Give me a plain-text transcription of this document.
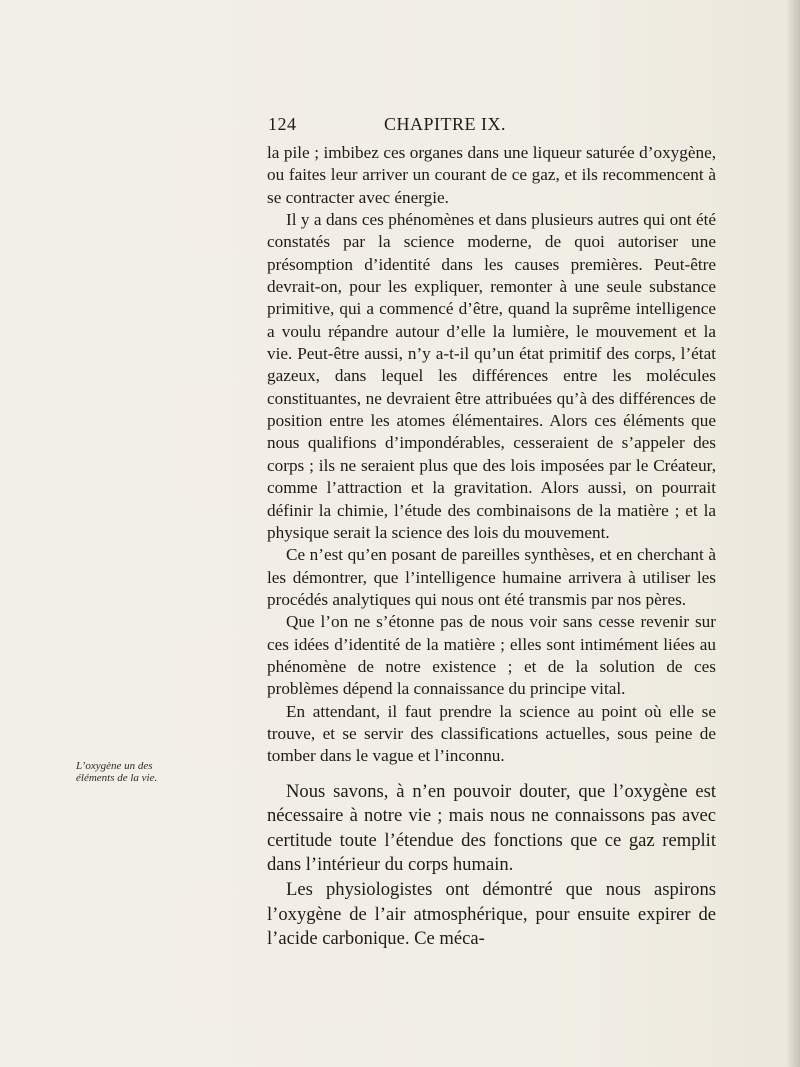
124	CHAPITRE IX.
L’oxygène un des éléments de la vie.

la pile ; imbibez ces organes dans une liqueur saturée d’oxygène, ou faites leur arriver un courant de ce gaz, et ils recommencent à se contracter avec énergie.

Il y a dans ces phénomènes et dans plusieurs autres qui ont été constatés par la science moderne, de quoi autoriser une présomption d’identité dans les causes premières. Peut-être devrait-on, pour les expliquer, remonter à une seule substance primitive, qui a commencé d’être, quand la suprême intelligence a voulu répandre autour d’elle la lumière, le mouvement et la vie. Peut-être aussi, n’y a-t-il qu’un état primitif des corps, l’état gazeux, dans lequel les différences entre les molécules constituantes, ne devraient être attribuées qu’à des différences de position entre les atomes élémentaires. Alors ces éléments que nous qualifions d’impondérables, cesseraient de s’appeler des corps ; ils ne seraient plus que des lois imposées par le Créateur, comme l’attraction et la gravitation. Alors aussi, on pourrait définir la chimie, l’étude des combinaisons de la matière ; et la physique serait la science des lois du mouvement.

Ce n’est qu’en posant de pareilles synthèses, et en cherchant à les démontrer, que l’intelligence humaine arrivera à utiliser les procédés analytiques qui nous ont été transmis par nos pères.

Que l’on ne s’étonne pas de nous voir sans cesse revenir sur ces idées d’identité de la matière ; elles sont intimément liées au phénomène de notre existence ; et de la solution de ces problèmes dépend la connaissance du principe vital.

En attendant, il faut prendre la science au point où elle se trouve, et se servir des classifications actuelles, sous peine de tomber dans le vague et l’inconnu.

Nous savons, à n’en pouvoir douter, que l’oxygène est nécessaire à notre vie ; mais nous ne connaissons pas avec certitude toute l’étendue des fonctions que ce gaz remplit dans l’intérieur du corps humain.

Les physiologistes ont démontré que nous aspirons l’oxygène de l’air atmosphérique, pour ensuite expirer de l’acide carbonique. Ce méca-
